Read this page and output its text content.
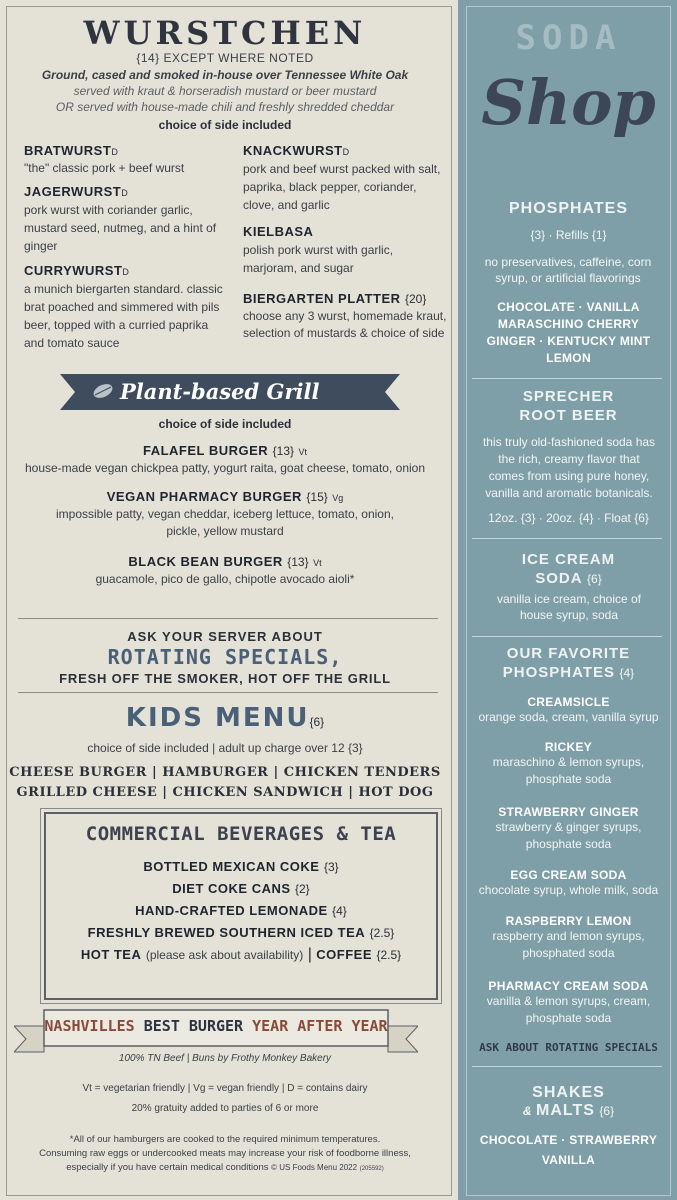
WURSTCHEN
{14} EXCEPT WHERE NOTED
Ground, cased and smoked in-house over Tennessee White Oak
served with kraut & horseradish mustard or beer mustard
OR served with house-made chili and freshly shredded cheddar
choice of side included
BRATWURSTD
"the" classic pork + beef wurst
JAGERWURSTD
pork wurst with coriander garlic, mustard seed, nutmeg, and a hint of ginger
CURRYWURSTD
a munich biergarten standard. classic brat poached and simmered with pils beer, topped with a curried paprika and tomato sauce
KNACKWURSTD
pork and beef wurst packed with salt, paprika, black pepper, coriander, clove, and garlic
KIELBASA
polish pork wurst with garlic, marjoram, and sugar
BIERGARTEN PLATTER {20}
choose any 3 wurst, homemade kraut, selection of mustards & choice of side
Plant-based Grill
choice of side included
FALAFEL BURGER {13} Vt
house-made vegan chickpea patty, yogurt raita, goat cheese, tomato, onion
VEGAN PHARMACY BURGER {15} Vg
impossible patty, vegan cheddar, iceberg lettuce, tomato, onion, pickle, yellow mustard
BLACK BEAN BURGER {13} Vt
guacamole, pico de gallo, chipotle avocado aioli*
ASK YOUR SERVER ABOUT
ROTATING SPECIALS,
FRESH OFF THE SMOKER, HOT OFF THE GRILL
KIDS MENU{6}
choice of side included | adult up charge over 12 {3}
CHEESE BURGER | HAMBURGER | CHICKEN TENDERS
GRILLED CHEESE | CHICKEN SANDWICH | HOT DOG
COMMERCIAL BEVERAGES & TEA
BOTTLED MEXICAN COKE {3}
DIET COKE CANS {2}
HAND-CRAFTED LEMONADE {4}
FRESHLY BREWED SOUTHERN ICED TEA {2.5}
HOT TEA (please ask about availability) | COFFEE {2.5}
NASHVILLES BEST BURGER YEAR AFTER YEAR
100% TN Beef | Buns by Frothy Monkey Bakery
Vt = vegetarian friendly | Vg = vegan friendly | D = contains dairy
20% gratuity added to parties of 6 or more
*All of our hamburgers are cooked to the required minimum temperatures.
Consuming raw eggs or undercooked meats may increase your risk of foodborne illness,
especially if you have certain medical conditions © US Foods Menu 2022 (205592)
SODA
Shop
PHOSPHATES
{3} · Refills {1}
no preservatives, caffeine, corn syrup, or artificial flavorings
CHOCOLATE · VANILLA
MARASCHINO CHERRY
GINGER · KENTUCKY MINT
LEMON
SPRECHER
ROOT BEER
this truly old-fashioned soda has the rich, creamy flavor that comes from using pure honey, vanilla and aromatic botanicals.
12oz. {3} · 20oz. {4} · Float {6}
ICE CREAM
SODA {6}
vanilla ice cream, choice of house syrup, soda
OUR FAVORITE
PHOSPHATES {4}
CREAMSICLE
orange soda, cream, vanilla syrup
RICKEY
maraschino & lemon syrups, phosphate soda
STRAWBERRY GINGER
strawberry & ginger syrups, phosphate soda
EGG CREAM SODA
chocolate syrup, whole milk, soda
RASPBERRY LEMON
raspberry and lemon syrups, phosphated soda
PHARMACY CREAM SODA
vanilla & lemon syrups, cream, phosphate soda
ASK ABOUT ROTATING SPECIALS
SHAKES
& MALTS {6}
CHOCOLATE · STRAWBERRY
VANILLA
